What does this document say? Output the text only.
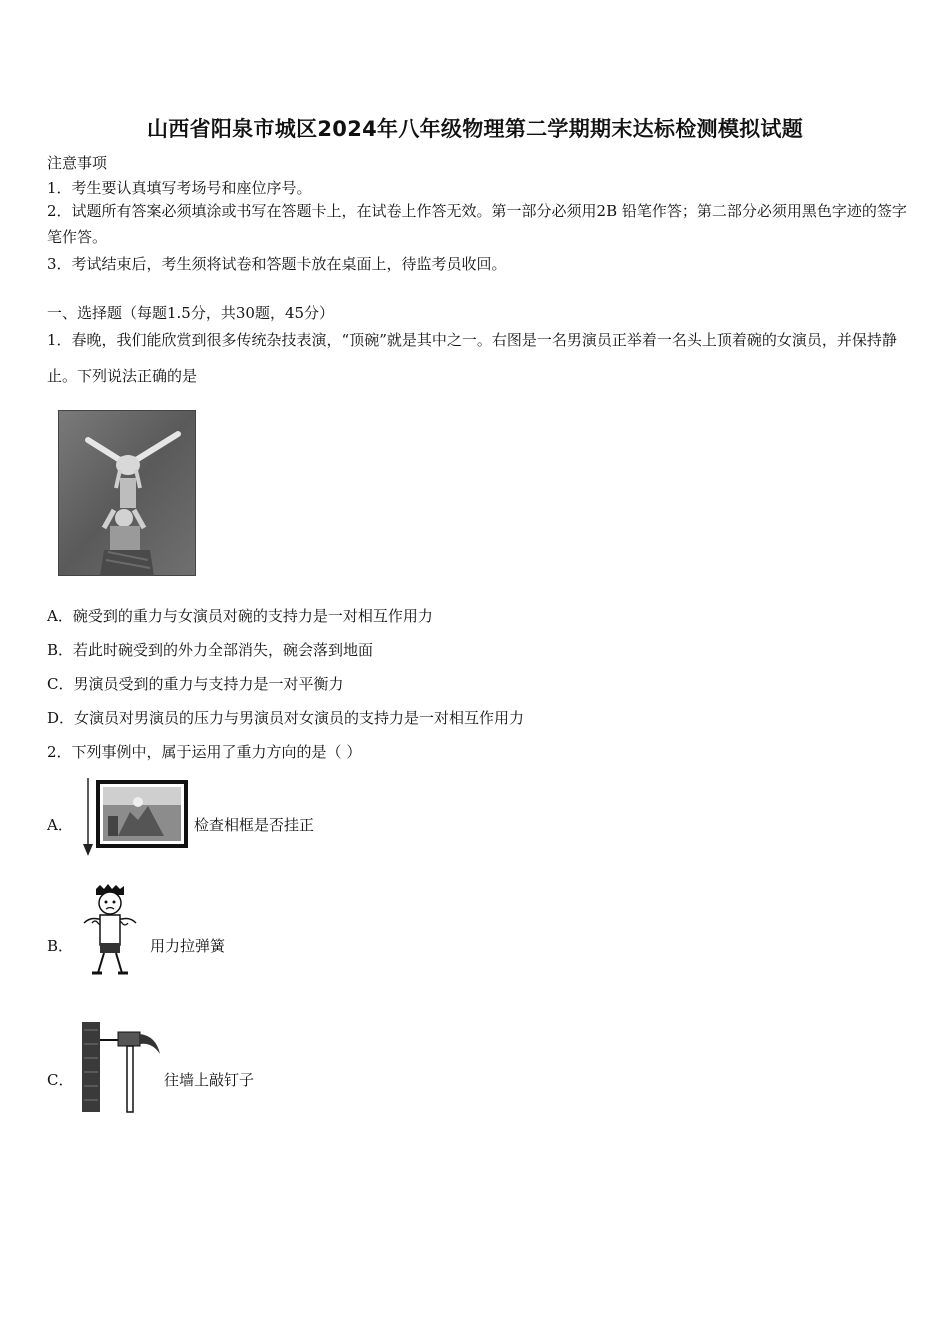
山西省阳泉市城区2024年八年级物理第二学期期末达标检测模拟试题
注意事项
1．考生要认真填写考场号和座位序号。
2．试题所有答案必须填涂或书写在答题卡上，在试卷上作答无效。第一部分必须用2B 铅笔作答；第二部分必须用黑色字迹的签字笔作答。
3．考试结束后，考生须将试卷和答题卡放在桌面上，待监考员收回。
一、选择题（每题1.5分，共30题，45分）
1．春晚，我们能欣赏到很多传统杂技表演，“顶碗”就是其中之一。右图是一名男演员正举着一名头上顶着碗的女演员，并保持静止。下列说法正确的是
A．碗受到的重力与女演员对碗的支持力是一对相互作用力
B．若此时碗受到的外力全部消失，碗会落到地面
C．男演员受到的重力与支持力是一对平衡力
D．女演员对男演员的压力与男演员对女演员的支持力是一对相互作用力
2．下列事例中，属于运用了重力方向的是（ ）
A．	检查相框是否挂正
B．	用力拉弹簧
C．	往墙上敲钉子
